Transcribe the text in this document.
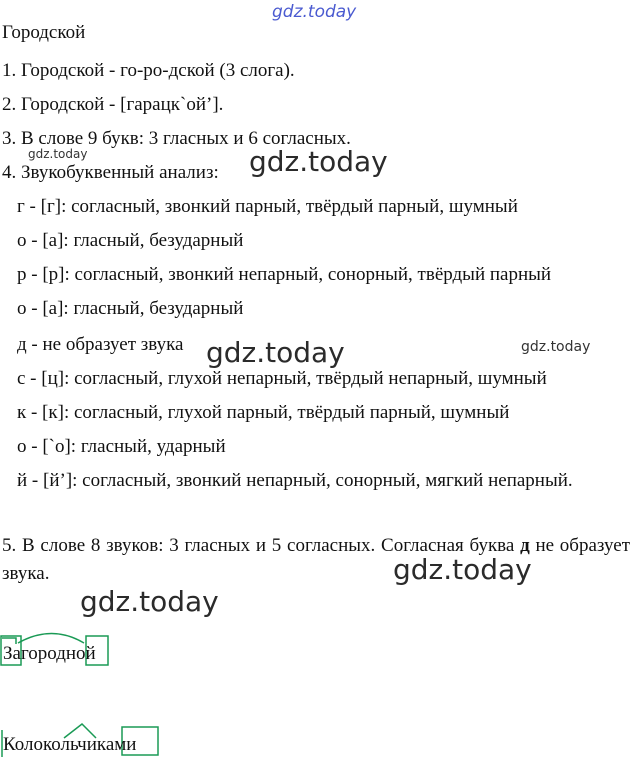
gdz.today
Городской
1. Городской - го-ро-дской (3 слога).
2. Городской - [гарацк`ой’].
3. В слове 9 букв: 3 гласных и 6 согласных.
gdz.today
4. Звукобуквенный анализ: gdz.today
г - [г]: согласный, звонкий парный, твёрдый парный, шумный
о - [а]: гласный, безударный
р - [р]: согласный, звонкий непарный, сонорный, твёрдый парный
о - [а]: гласный, безударный
д - не образует звука gdz.today	gdz.today
с - [ц]: согласный, глухой непарный, твёрдый непарный, шумный
к - [к]: согласный, глухой парный, твёрдый парный, шумный
о - [`о]: гласный, ударный
й - [й’]: согласный, звонкий непарный, сонорный, мягкий непарный.
5. В слове 8 звуков: 3 гласных и 5 согласных. Согласная буква д не образует звука.	gdz.today
gdz.today
Загородной
Колокольчиками
